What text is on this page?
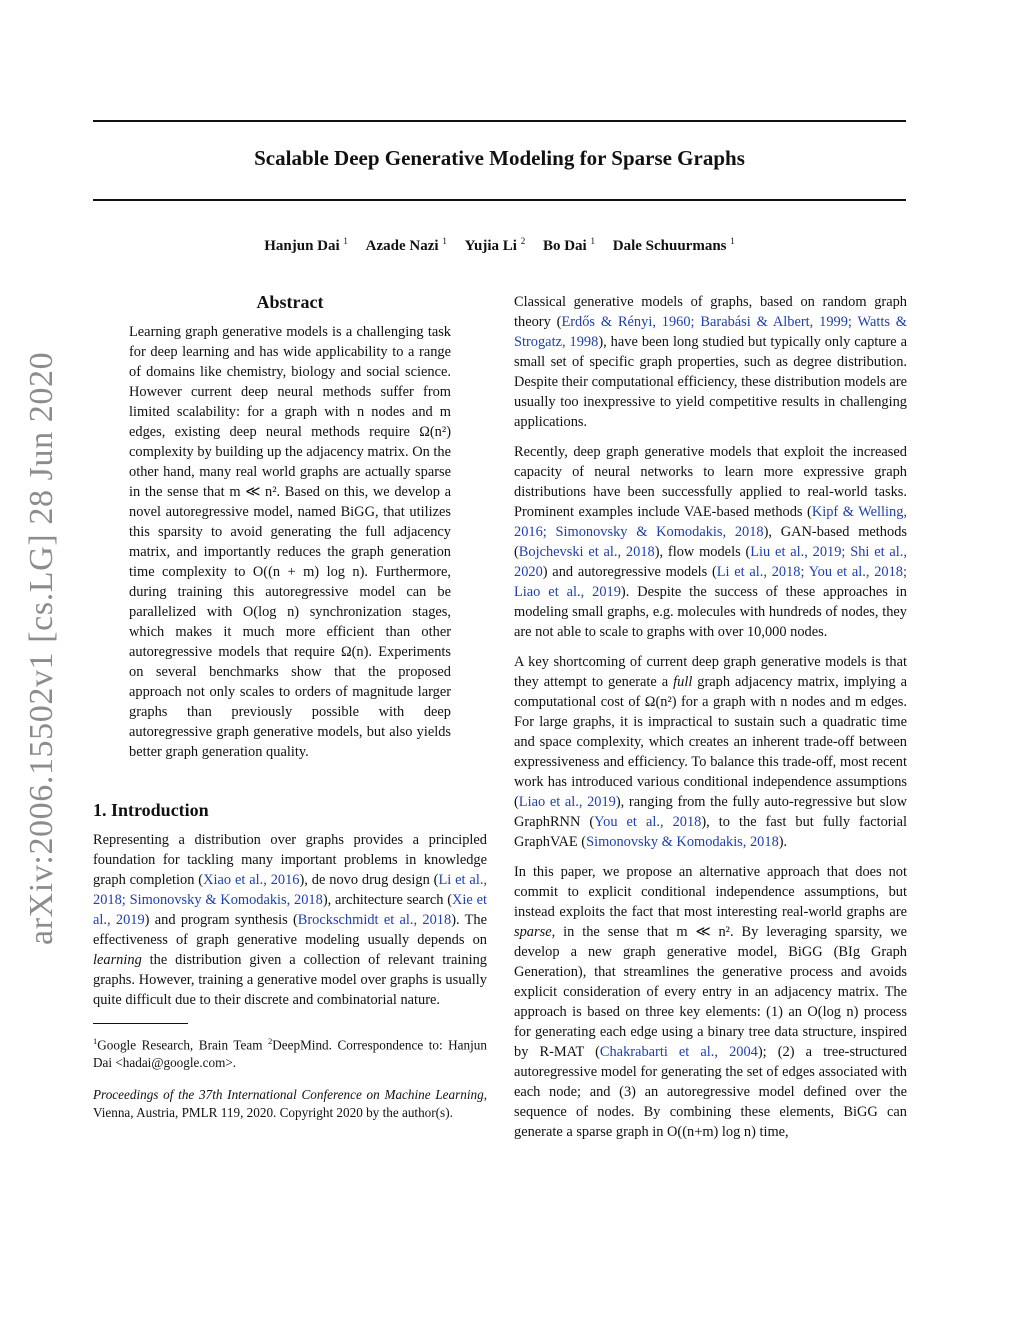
Scalable Deep Generative Modeling for Sparse Graphs
Hanjun Dai $^1$ Azade Nazi $^1$ Yujia Li $^2$ Bo Dai $^1$ Dale Schuurmans $^1$
arXiv:2006.15502v1 [cs.LG] 28 Jun 2020
Abstract

Learning graph generative models is a challenging task for deep learning and has wide applicability to a range of domains like chemistry, biology and social science. However current deep neural methods suffer from limited scalability: for a graph with n nodes and m edges, existing deep neural methods require Ω(n²) complexity by building up the adjacency matrix. On the other hand, many real world graphs are actually sparse in the sense that m ≪ n². Based on this, we develop a novel autoregressive model, named BiGG, that utilizes this sparsity to avoid generating the full adjacency matrix, and importantly reduces the graph generation time complexity to O((n + m) log n). Furthermore, during training this autoregressive model can be parallelized with O(log n) synchronization stages, which makes it much more efficient than other autoregressive models that require Ω(n). Experiments on several benchmarks show that the proposed approach not only scales to orders of magnitude larger graphs than previously possible with deep autoregressive graph generative models, but also yields better graph generation quality.

1. Introduction

Representing a distribution over graphs provides a principled foundation for tackling many important problems in knowledge graph completion (Xiao et al., 2016), de novo drug design (Li et al., 2018; Simonovsky & Komodakis, 2018), architecture search (Xie et al., 2019) and program synthesis (Brockschmidt et al., 2018). The effectiveness of graph generative modeling usually depends on learning the distribution given a collection of relevant training graphs. However, training a generative model over graphs is usually quite difficult due to their discrete and combinatorial nature.

$^1$Google Research, Brain Team $^2$DeepMind. Correspondence to: Hanjun Dai <hadai@google.com>.

Proceedings of the 37th International Conference on Machine Learning, Vienna, Austria, PMLR 119, 2020. Copyright 2020 by the author(s).

Classical generative models of graphs, based on random graph theory (Erdős & Rényi, 1960; Barabási & Albert, 1999; Watts & Strogatz, 1998), have been long studied but typically only capture a small set of specific graph properties, such as degree distribution. Despite their computational efficiency, these distribution models are usually too inexpressive to yield competitive results in challenging applications.

Recently, deep graph generative models that exploit the increased capacity of neural networks to learn more expressive graph distributions have been successfully applied to real-world tasks. Prominent examples include VAE-based methods (Kipf & Welling, 2016; Simonovsky & Komodakis, 2018), GAN-based methods (Bojchevski et al., 2018), flow models (Liu et al., 2019; Shi et al., 2020) and autoregressive models (Li et al., 2018; You et al., 2018; Liao et al., 2019). Despite the success of these approaches in modeling small graphs, e.g. molecules with hundreds of nodes, they are not able to scale to graphs with over 10,000 nodes.

A key shortcoming of current deep graph generative models is that they attempt to generate a full graph adjacency matrix, implying a computational cost of Ω(n²) for a graph with n nodes and m edges. For large graphs, it is impractical to sustain such a quadratic time and space complexity, which creates an inherent trade-off between expressiveness and efficiency. To balance this trade-off, most recent work has introduced various conditional independence assumptions (Liao et al., 2019), ranging from the fully auto-regressive but slow GraphRNN (You et al., 2018), to the fast but fully factorial GraphVAE (Simonovsky & Komodakis, 2018).

In this paper, we propose an alternative approach that does not commit to explicit conditional independence assumptions, but instead exploits the fact that most interesting real-world graphs are sparse, in the sense that m ≪ n². By leveraging sparsity, we develop a new graph generative model, BiGG (BIg Graph Generation), that streamlines the generative process and avoids explicit consideration of every entry in an adjacency matrix. The approach is based on three key elements: (1) an O(log n) process for generating each edge using a binary tree data structure, inspired by R-MAT (Chakrabarti et al., 2004); (2) a tree-structured autoregressive model for generating the set of edges associated with each node; and (3) an autoregressive model defined over the sequence of nodes. By combining these elements, BiGG can generate a sparse graph in O((n+m) log n) time,
